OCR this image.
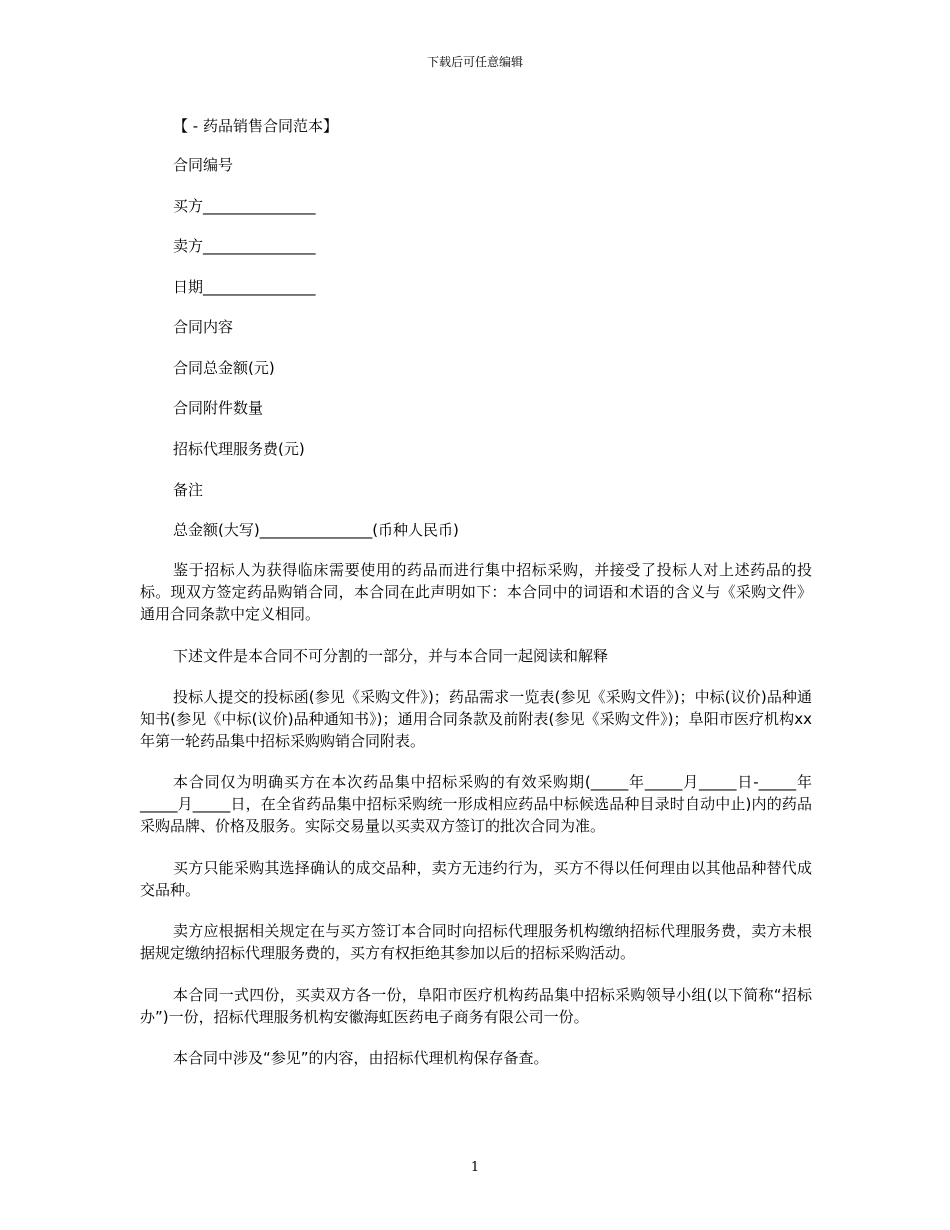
下载后可任意编辑
【 - 药品销售合同范本】
合同编号
买方_______________
卖方_______________
日期_______________
合同内容
合同总金额(元)
合同附件数量
招标代理服务费(元)
备注
总金额(大写)_______________(币种人民币)
鉴于招标人为获得临床需要使用的药品而进行集中招标采购，并接受了投标人对上述药品的投标。现双方签定药品购销合同，本合同在此声明如下：本合同中的词语和术语的含义与《采购文件》通用合同条款中定义相同。
下述文件是本合同不可分割的一部分，并与本合同一起阅读和解释
投标人提交的投标函(参见《采购文件》)；药品需求一览表(参见《采购文件》)；中标(议价)品种通知书(参见《中标(议价)品种通知书》)；通用合同条款及前附表(参见《采购文件》)；阜阳市医疗机构xx年第一轮药品集中招标采购购销合同附表。
本合同仅为明确买方在本次药品集中招标采购的有效采购期(_____年_____月_____日-_____年_____月_____日，在全省药品集中招标采购统一形成相应药品中标候选品种目录时自动中止)内的药品采购品牌、价格及服务。实际交易量以买卖双方签订的批次合同为准。
买方只能采购其选择确认的成交品种，卖方无违约行为，买方不得以任何理由以其他品种替代成交品种。
卖方应根据相关规定在与买方签订本合同时向招标代理服务机构缴纳招标代理服务费，卖方未根据规定缴纳招标代理服务费的，买方有权拒绝其参加以后的招标采购活动。
本合同一式四份，买卖双方各一份，阜阳市医疗机构药品集中招标采购领导小组(以下简称“招标办”)一份，招标代理服务机构安徽海虹医药电子商务有限公司一份。
本合同中涉及“参见”的内容，由招标代理机构保存备查。
1
